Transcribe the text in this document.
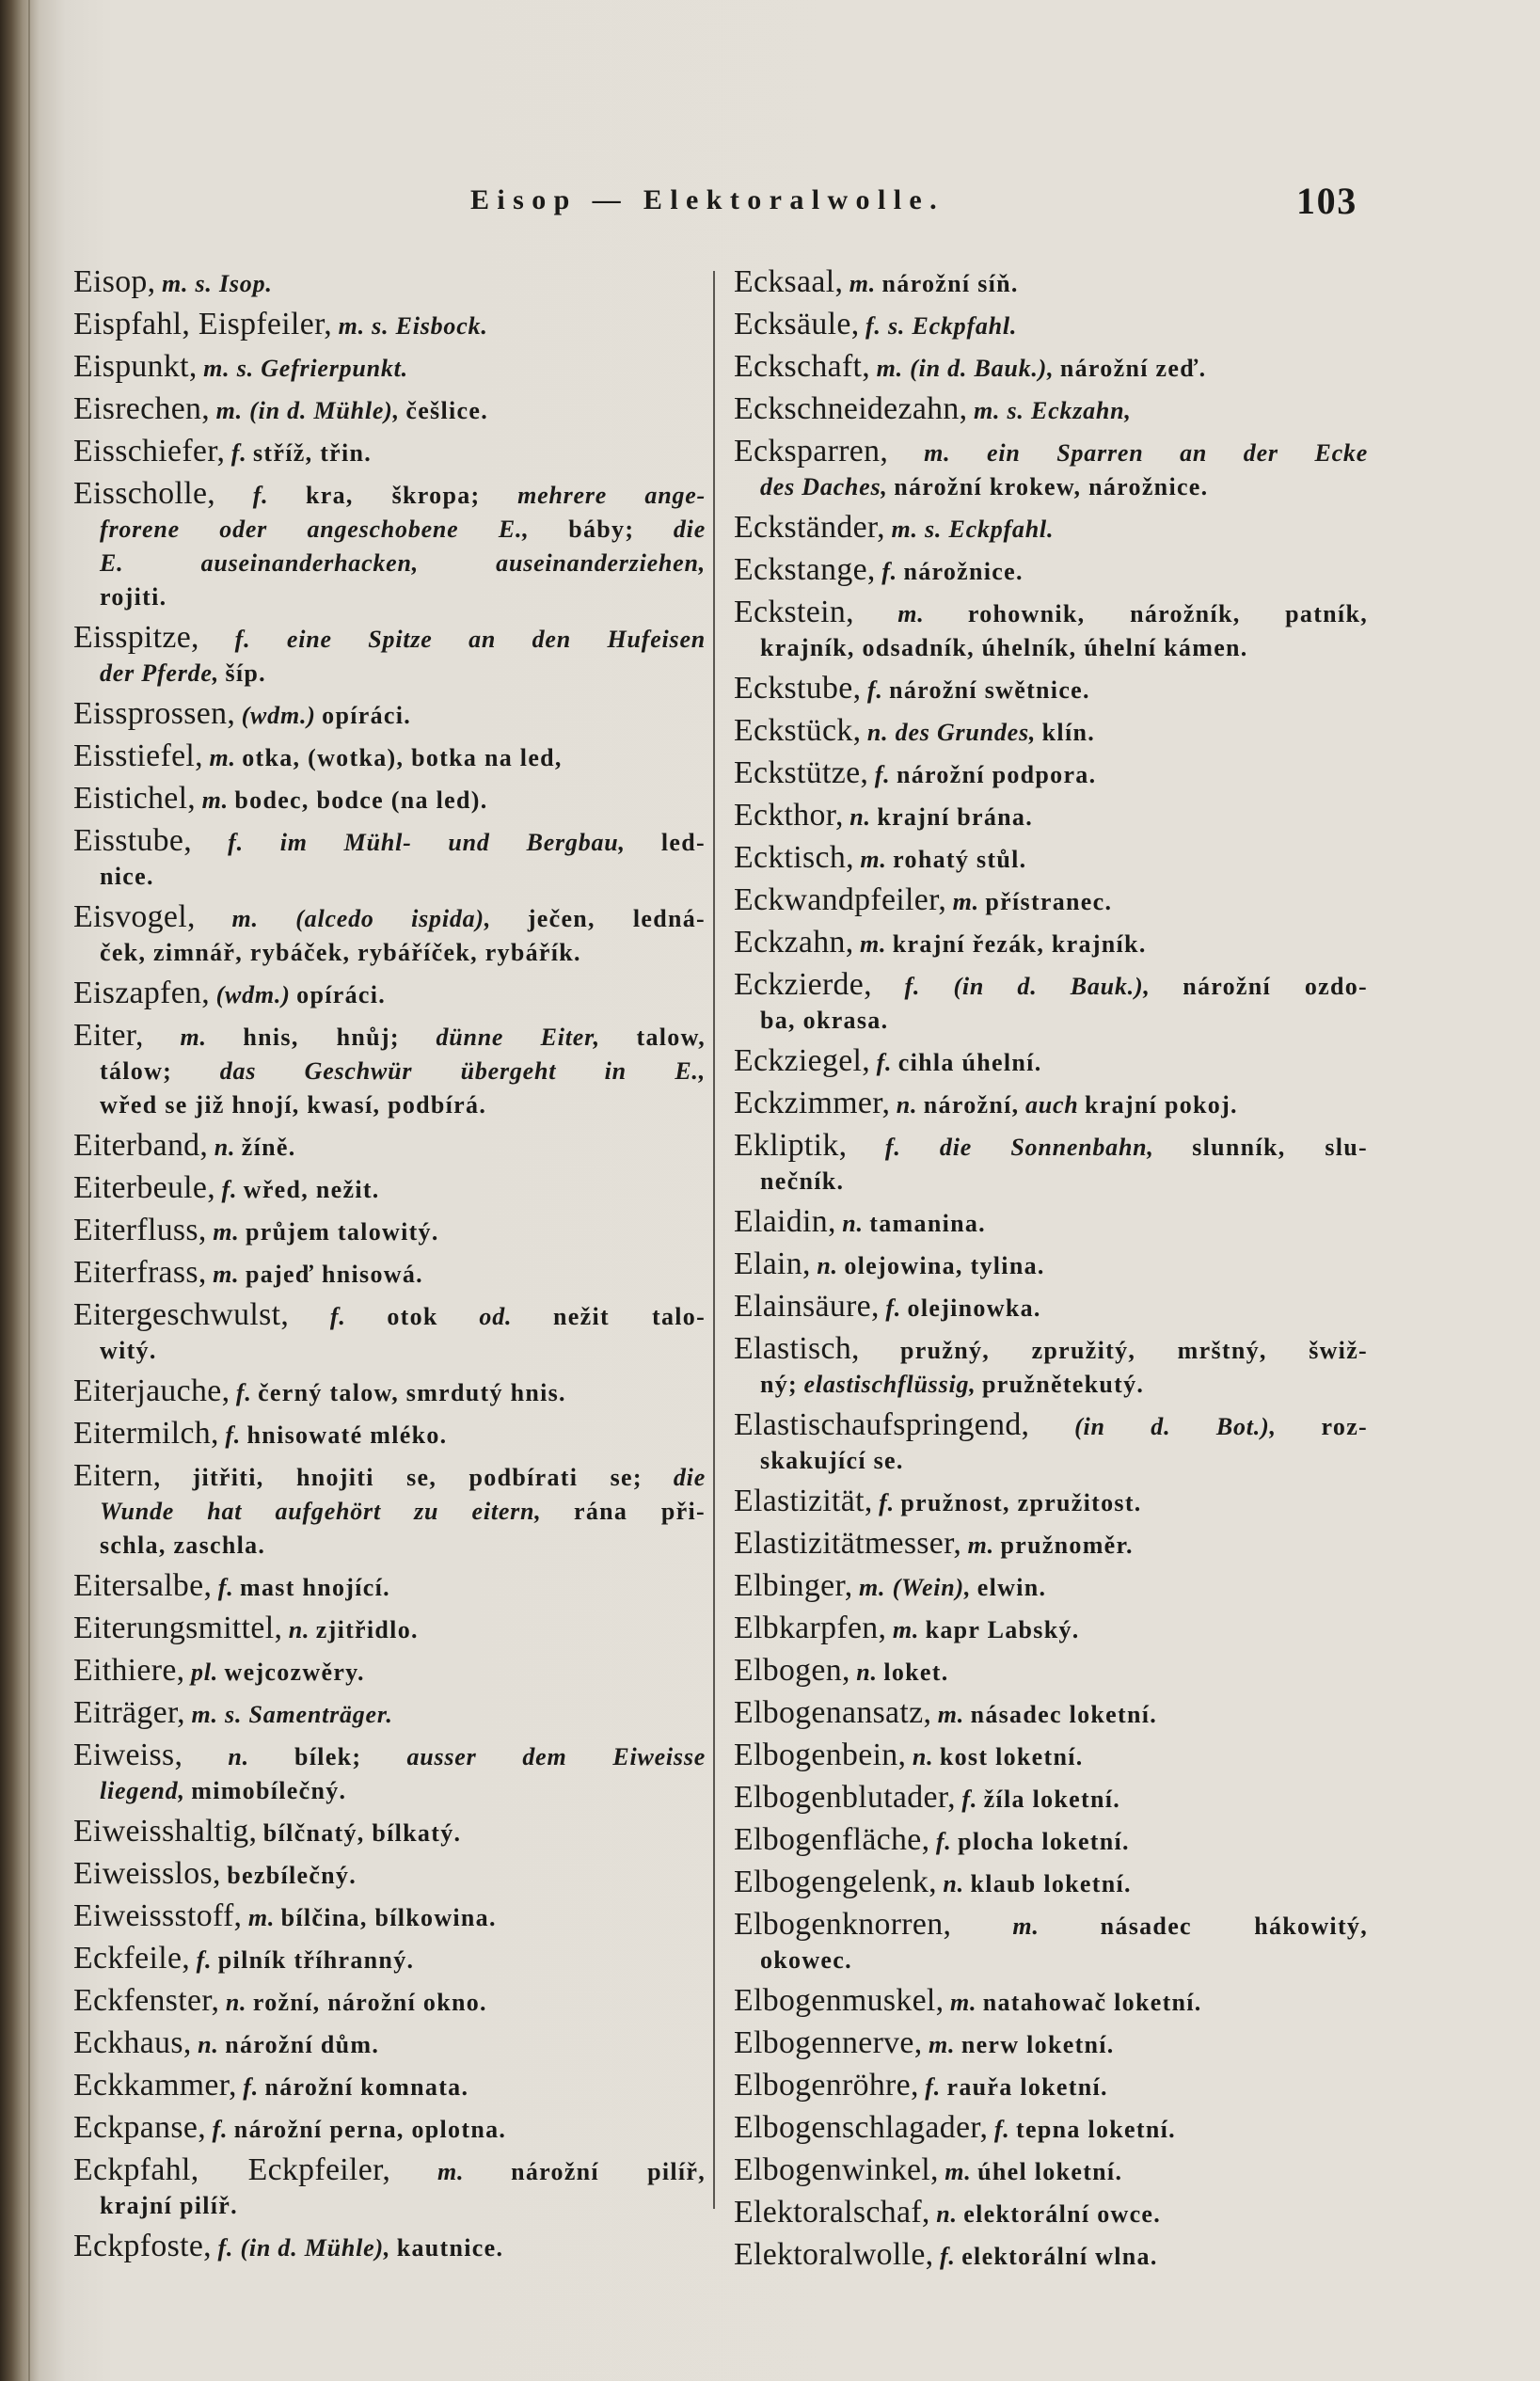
Eisop — Elektoralwolle.	103
Eisop, m. s. Isop.
Eispfahl, Eispfeiler, m. s. Eisbock.
Eispunkt, m. s. Gefrierpunkt.
Eisrechen, m. (in d. Mühle), češlice.
Eisschiefer, f. stříž, třin.
Eisscholle, f. kra, škropa; mehrere ange-
frorene oder angeschobene E., báby; die
E. auseinanderhacken, auseinanderziehen,
rojiti.
Eisspitze, f. eine Spitze an den Hufeisen
der Pferde, šíp.
Eissprossen, (wdm.) opíráci.
Eisstiefel, m. otka, (wotka), botka na led,
Eistichel, m. bodec, bodce (na led).
Eisstube, f. im Mühl- und Bergbau, led-
nice.
Eisvogel, m. (alcedo ispida), ječen, ledná-
ček, zimnář, rybáček, rybáříček, rybářík.
Eiszapfen, (wdm.) opíráci.
Eiter, m. hnis, hnůj; dünne Eiter, talow,
tálow; das Geschwür übergeht in E.,
wřed se již hnojí, kwasí, podbírá.
Eiterband, n. žíně.
Eiterbeule, f. wřed, nežit.
Eiterfluss, m. průjem talowitý.
Eiterfrass, m. pajeď hnisowá.
Eitergeschwulst, f. otok od. nežit talo-
witý.
Eiterjauche, f. černý talow, smrdutý hnis.
Eitermilch, f. hnisowaté mléko.
Eitern, jitřiti, hnojiti se, podbírati se; die
Wunde hat aufgehört zu eitern, rána při-
schla, zaschla.
Eitersalbe, f. mast hnojící.
Eiterungsmittel, n. zjitřidlo.
Eithiere, pl. wejcozwěry.
Eiträger, m. s. Samenträger.
Eiweiss, n. bílek; ausser dem Eiweisse
liegend, mimobílečný.
Eiweisshaltig, bílčnatý, bílkatý.
Eiweisslos, bezbílečný.
Eiweissstoff, m. bílčina, bílkowina.
Eckfeile, f. pilník tříhranný.
Eckfenster, n. rožní, nárožní okno.
Eckhaus, n. nárožní dům.
Eckkammer, f. nárožní komnata.
Eckpanse, f. nárožní perna, oplotna.
Eckpfahl, Eckpfeiler, m. nárožní pilíř,
krajní pilíř.
Eckpfoste, f. (in d. Mühle), kautnice.
Ecksaal, m. nárožní síň.
Ecksäule, f. s. Eckpfahl.
Eckschaft, m. (in d. Bauk.), nárožní zeď.
Eckschneidezahn, m. s. Eckzahn,
Ecksparren, m. ein Sparren an der Ecke
des Daches, nárožní krokew, nárožnice.
Eckständer, m. s. Eckpfahl.
Eckstange, f. nárožnice.
Eckstein, m. rohownik, nárožník, patník,
krajník, odsadník, úhelník, úhelní kámen.
Eckstube, f. nárožní swětnice.
Eckstück, n. des Grundes, klín.
Eckstütze, f. nárožní podpora.
Eckthor, n. krajní brána.
Ecktisch, m. rohatý stůl.
Eckwandpfeiler, m. přístranec.
Eckzahn, m. krajní řezák, krajník.
Eckzierde, f. (in d. Bauk.), nárožní ozdo-
ba, okrasa.
Eckziegel, f. cihla úhelní.
Eckzimmer, n. nárožní, auch krajní pokoj.
Ekliptik, f. die Sonnenbahn, slunník, slu-
nečník.
Elaidin, n. tamanina.
Elain, n. olejowina, tylina.
Elainsäure, f. olejinowka.
Elastisch, pružný, zpružitý, mrštný, šwiž-
ný; elastischflüssig, pružnětekutý.
Elastischaufspringend, (in d. Bot.), roz-
skakující se.
Elastizität, f. pružnost, zpružitost.
Elastizitätmesser, m. pružnoměr.
Elbinger, m. (Wein), elwin.
Elbkarpfen, m. kapr Labský.
Elbogen, n. loket.
Elbogenansatz, m. násadec loketní.
Elbogenbein, n. kost loketní.
Elbogenblutader, f. žíla loketní.
Elbogenfläche, f. plocha loketní.
Elbogengelenk, n. klaub loketní.
Elbogenknorren,	m.	násadec hákowitý,
okowec.
Elbogenmuskel, m. natahowač loketní.
Elbogennerve, m. nerw loketní.
Elbogenröhre, f. rauřa loketní.
Elbogenschlagader, f. tepna loketní.
Elbogenwinkel, m. úhel loketní.
Elektoralschaf, n. elektorální owce.
Elektoralwolle, f. elektorální wlna.
